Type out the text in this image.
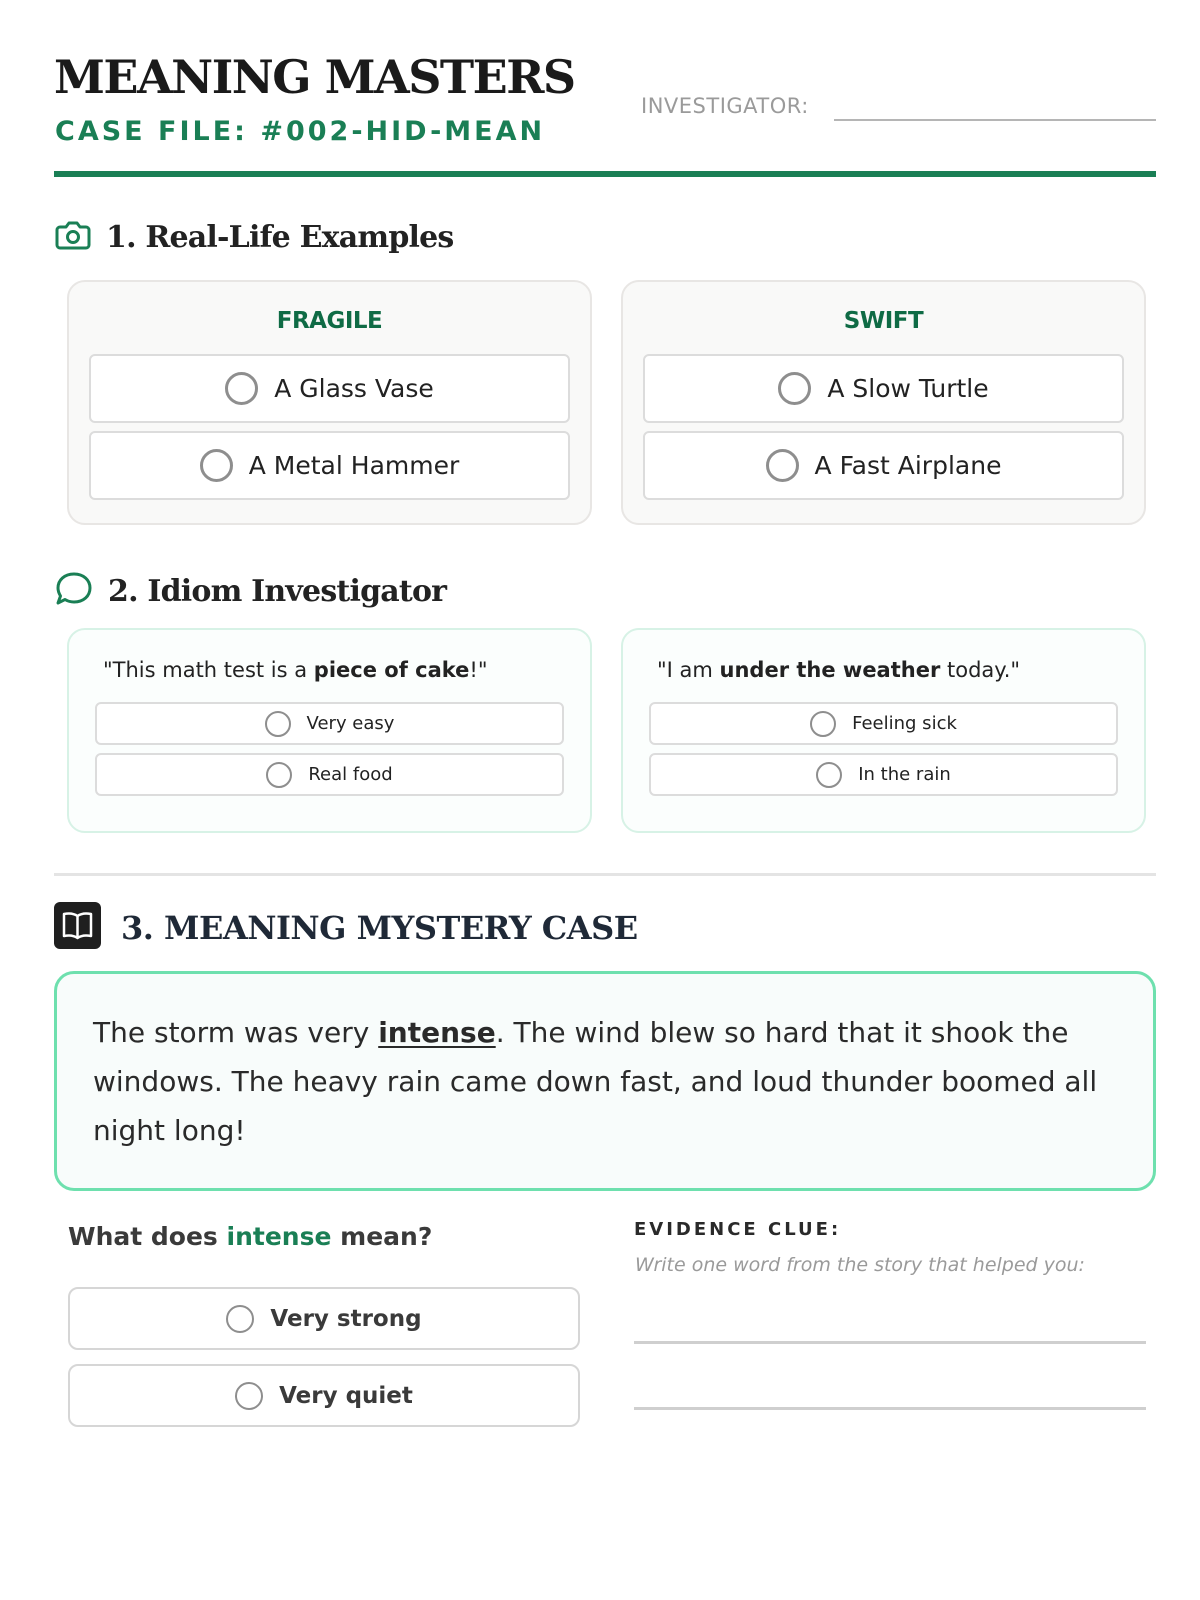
MEANING MASTERS
CASE FILE: #002-HID-MEAN
INVESTIGATOR:
1. Real-Life Examples
FRAGILE
A Glass Vase
A Metal Hammer
SWIFT
A Slow Turtle
A Fast Airplane
2. Idiom Investigator
"This math test is a piece of cake!"
Very easy
Real food
"I am under the weather today."
Feeling sick
In the rain
3. MEANING MYSTERY CASE
The storm was very intense. The wind blew so hard that it shook the windows. The heavy rain came down fast, and loud thunder boomed all night long!
What does intense mean?
Very strong
Very quiet
EVIDENCE CLUE:
Write one word from the story that helped you:
